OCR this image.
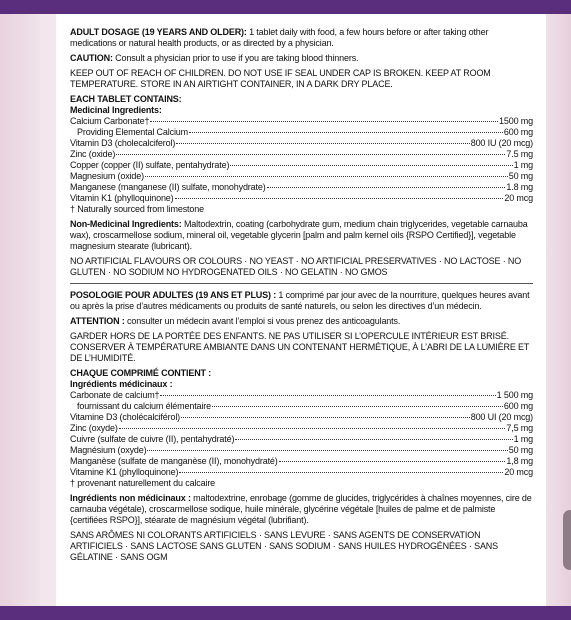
ADULT DOSAGE (19 YEARS AND OLDER): 1 tablet daily with food, a few hours before or after taking other medications or natural health products, or as directed by a physician.

CAUTION: Consult a physician prior to use if you are taking blood thinners.

KEEP OUT OF REACH OF CHILDREN. DO NOT USE IF SEAL UNDER CAP IS BROKEN. KEEP AT ROOM TEMPERATURE. STORE IN AN AIRTIGHT CONTAINER, IN A DARK DRY PLACE.

EACH TABLET CONTAINS:
Medicinal Ingredients:
Calcium Carbonate†	1500 mg
Providing Elemental Calcium	600 mg
Vitamin D3 (cholecalciferol)	800 IU (20 mcg)
Zinc (oxide)	7.5 mg
Copper (copper (II) sulfate, pentahydrate)	1 mg
Magnesium (oxide)	50 mg
Manganese (manganese (II) sulfate, monohydrate)	1.8 mg
Vitamin K1 (phylloquinone)	20 mcg
† Naturally sourced from limestone

Non-Medicinal Ingredients: Maltodextrin, coating (carbohydrate gum, medium chain triglycerides, vegetable carnauba wax), croscarmellose sodium, mineral oil, vegetable glycerin [palm and palm kernel oils {RSPO Certified}], vegetable magnesium stearate (lubricant).

NO ARTIFICIAL FLAVOURS OR COLOURS · NO YEAST · NO ARTIFICIAL PRESERVATIVES · NO LACTOSE · NO GLUTEN · NO SODIUM NO HYDROGENATED OILS · NO GELATIN · NO GMOS

POSOLOGIE POUR ADULTES (19 ANS ET PLUS) : 1 comprimé par jour avec de la nourriture, quelques heures avant ou après la prise d’autres médicaments ou produits de santé naturels, ou selon les directives d’un médecin.

ATTENTION : consulter un médecin avant l’emploi si vous prenez des anticoagulants.

GARDER HORS DE LA PORTÉE DES ENFANTS. NE PAS UTILISER SI L’OPERCULE INTÉRIEUR EST BRISÉ. CONSERVER À TEMPÉRATURE AMBIANTE DANS UN CONTENANT HERMÉTIQUE, À L’ABRI DE LA LUMIÈRE ET DE L’HUMIDITÉ.

CHAQUE COMPRIMÉ CONTIENT :
Ingrédients médicinaux :
Carbonate de calcium†	1 500 mg
fournissant du calcium élémentaire	600 mg
Vitamine D3 (cholécalciférol)	800 UI (20 mcg)
Zinc (oxyde)	7,5 mg
Cuivre (sulfate de cuivre (II), pentahydraté)	1 mg
Magnésium (oxyde)	50 mg
Manganèse (sulfate de manganèse (II), monohydraté)	1,8 mg
Vitamine K1 (phylloquinone)	20 mcg
† provenant naturellement du calcaire

Ingrédients non médicinaux : maltodextrine, enrobage (gomme de glucides, triglycérides à chaînes moyennes, cire de carnauba végétale), croscarmellose sodique, huile minérale, glycérine végétale [huiles de palme et de palmiste {certifiées RSPO}], stéarate de magnésium végétal (lubrifiant).

SANS ARÔMES NI COLORANTS ARTIFICIELS · SANS LEVURE · SANS AGENTS DE CONSERVATION ARTIFICIELS · SANS LACTOSE SANS GLUTEN · SANS SODIUM · SANS HUILES HYDROGÉNÉES · SANS GÉLATINE · SANS OGM
